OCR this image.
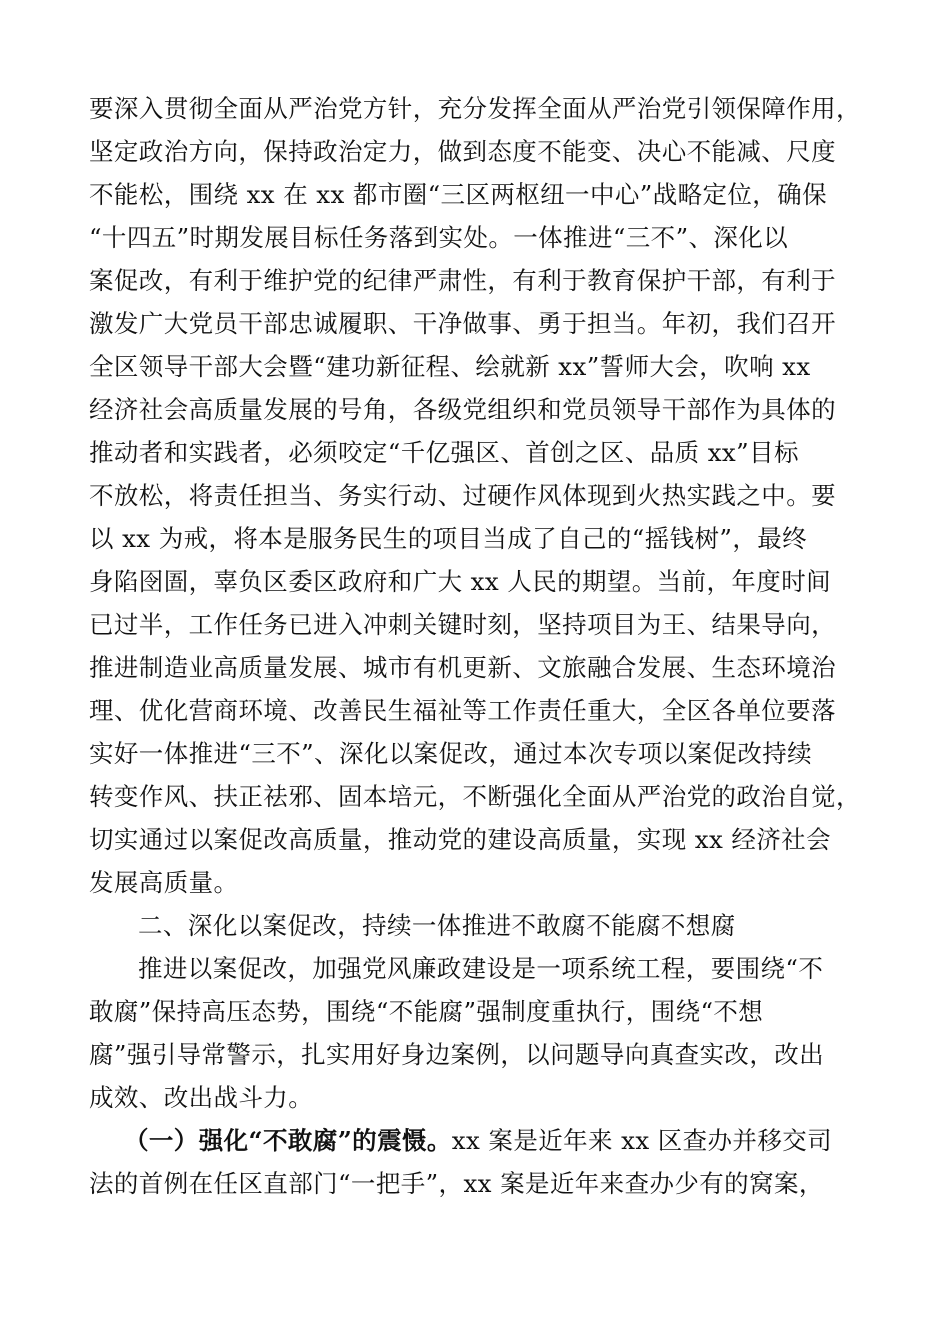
要深入贯彻全面从严治党方针，充分发挥全面从严治党引领保障作用，
坚定政治方向，保持政治定力，做到态度不能变、决心不能减、尺度
不能松，围绕 xx 在 xx 都市圈“三区两枢纽一中心”战略定位，确保
“十四五”时期发展目标任务落到实处。一体推进“三不”、深化以
案促改，有利于维护党的纪律严肃性，有利于教育保护干部，有利于
激发广大党员干部忠诚履职、干净做事、勇于担当。年初，我们召开
全区领导干部大会暨“建功新征程、绘就新 xx”誓师大会，吹响 xx
经济社会高质量发展的号角，各级党组织和党员领导干部作为具体的
推动者和实践者，必须咬定“千亿强区、首创之区、品质 xx”目标
不放松，将责任担当、务实行动、过硬作风体现到火热实践之中。要
以 xx 为戒，将本是服务民生的项目当成了自己的“摇钱树”，最终
身陷囹圄，辜负区委区政府和广大 xx 人民的期望。当前，年度时间
已过半，工作任务已进入冲刺关键时刻，坚持项目为王、结果导向，
推进制造业高质量发展、城市有机更新、文旅融合发展、生态环境治
理、优化营商环境、改善民生福祉等工作责任重大，全区各单位要落
实好一体推进“三不”、深化以案促改，通过本次专项以案促改持续
转变作风、扶正祛邪、固本培元，不断强化全面从严治党的政治自觉，
切实通过以案促改高质量，推动党的建设高质量，实现 xx 经济社会
发展高质量。
二、深化以案促改，持续一体推进不敢腐不能腐不想腐
推进以案促改，加强党风廉政建设是一项系统工程，要围绕“不
敢腐”保持高压态势，围绕“不能腐”强制度重执行，围绕“不想
腐”强引导常警示，扎实用好身边案例，以问题导向真查实改，改出
成效、改出战斗力。
（一）强化“不敢腐”的震慑。xx 案是近年来 xx 区查办并移交司
法的首例在任区直部门“一把手”，xx 案是近年来查办少有的窝案，
